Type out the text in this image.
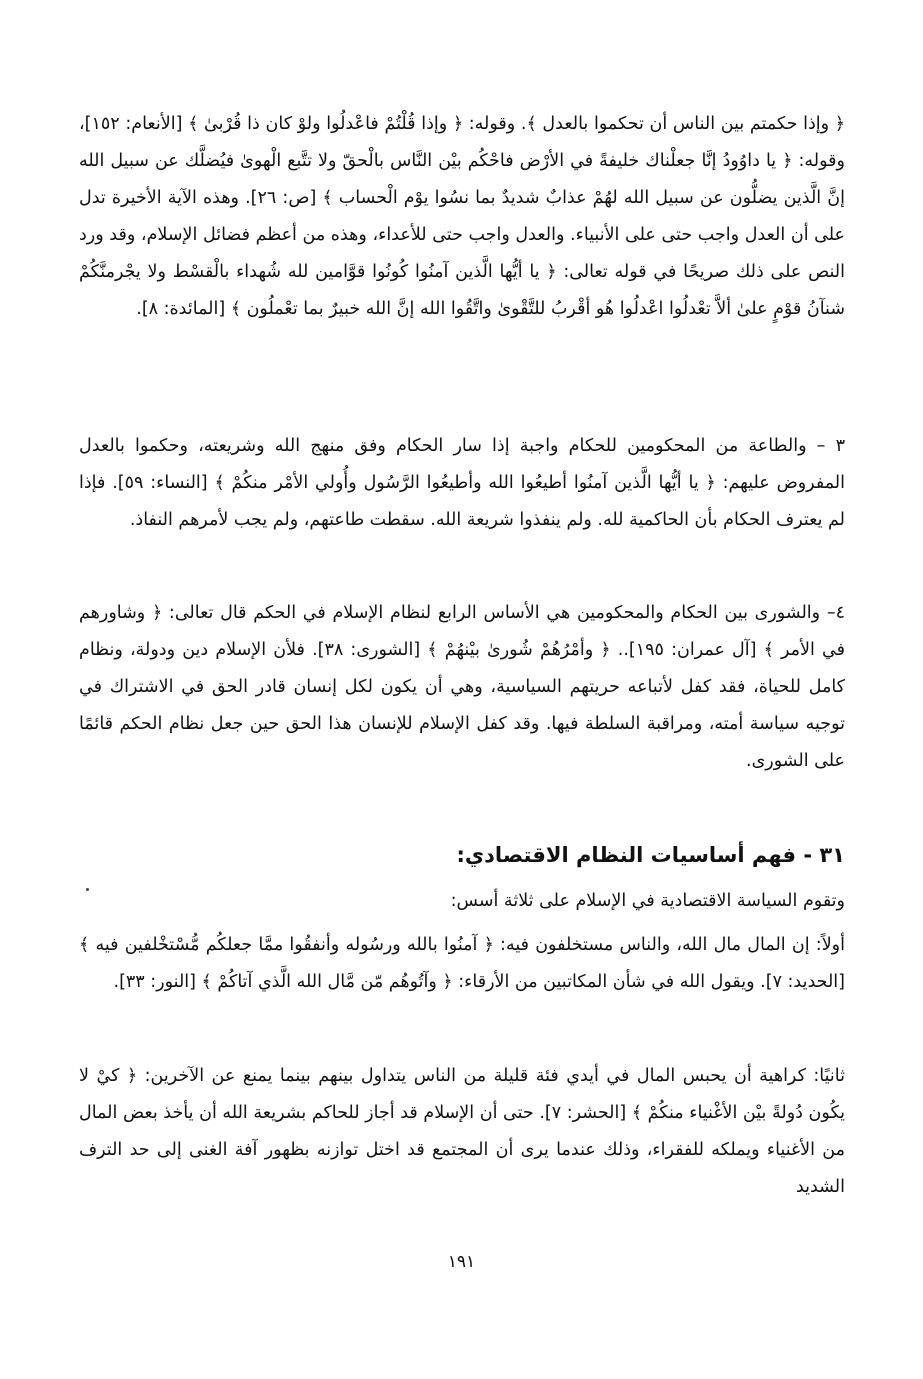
﴿ وإذا حكمتم بين الناس أن تحكموا بالعدل ﴾. وقوله: ﴿ وإذا قُلْتُمْ فاعْدلُوا ولوْ كان ذا قُرْبىٰ ﴾ [الأنعام: ١٥٢]، وقوله: ﴿ يا داوُودُ إنَّا جعلْناك خليفةً في الأرْض فاحْكُم بيْن النَّاس بالْحقّ ولا تتَّبع الْهوىٰ فيُضلَّك عن سبيل الله إنَّ الَّذين يضلُّون عن سبيل الله لهُمْ عذابٌ شديدٌ بما نسُوا يوْم الْحساب ﴾ [ص: ٢٦]. وهذه الآية الأخيرة تدل على أن العدل واجب حتى على الأنبياء. والعدل واجب حتى للأعداء، وهذه من أعظم فضائل الإسلام، وقد ورد النص على ذلك صريحًا في قوله تعالى: ﴿ يا أيُّها الَّذين آمنُوا كُونُوا قوَّامين لله شُهداء بالْقسْط ولا يجْرمنَّكُمْ شنآنُ قوْمٍ علىٰ ألاَّ تعْدلُوا اعْدلُوا هُو أقْربُ للتَّقْوىٰ واتَّقُوا الله إنَّ الله خبيرٌ بما تعْملُون ﴾ [المائدة: ٨].

٣ – والطاعة من المحكومين للحكام واجبة إذا سار الحكام وفق منهج الله وشريعته، وحكموا بالعدل المفروض عليهم: ﴿ يا أيُّها الَّذين آمنُوا أطيعُوا الله وأطيعُوا الرَّسُول وأُولي الأمْر منكُمْ ﴾ [النساء: ٥٩]. فإذا لم يعترف الحكام بأن الحاكمية لله. ولم ينفذوا شريعة الله. سقطت طاعتهم، ولم يجب لأمرهم النفاذ.

٤– والشورى بين الحكام والمحكومين هي الأساس الرابع لنظام الإسلام في الحكم قال تعالى: ﴿ وشاورهم في الأمر ﴾ [آل عمران: ١٩٥].. ﴿ وأمْرُهُمْ شُورىٰ بيْنهُمْ ﴾ [الشورى: ٣٨]. فلأن الإسلام دين ودولة، ونظام كامل للحياة، فقد كفل لأتباعه حريتهم السياسية، وهي أن يكون لكل إنسان قادر الحق في الاشتراك في توجيه سياسة أمته، ومراقبة السلطة فيها. وقد كفل الإسلام للإنسان هذا الحق حين جعل نظام الحكم قائمًا على الشورى.

٣١ - فهم أساسيات النظام الاقتصادي:

وتقوم السياسة الاقتصادية في الإسلام على ثلاثة أسس:

أولاً: إن المال مال الله، والناس مستخلفون فيه: ﴿ آمنُوا بالله ورسُوله وأنفقُوا ممَّا جعلكُم مُّسْتخْلفين فيه ﴾ [الحديد: ٧]. ويقول الله في شأن المكاتبين من الأرقاء: ﴿ وآتُوهُم مّن مَّال الله الَّذي آتاكُمْ ﴾ [النور: ٣٣].

ثانيًا: كراهية أن يحبس المال في أيدي فئة قليلة من الناس يتداول بينهم بينما يمنع عن الآخرين: ﴿ كيْ لا يكُون دُولةً بيْن الأغْنياء منكُمْ ﴾ [الحشر: ٧]. حتى أن الإسلام قد أجاز للحاكم بشريعة الله أن يأخذ بعض المال من الأغنياء ويملكه للفقراء، وذلك عندما يرى أن المجتمع قد اختل توازنه بظهور آفة الغنى إلى حد الترف الشديد

١٩١
